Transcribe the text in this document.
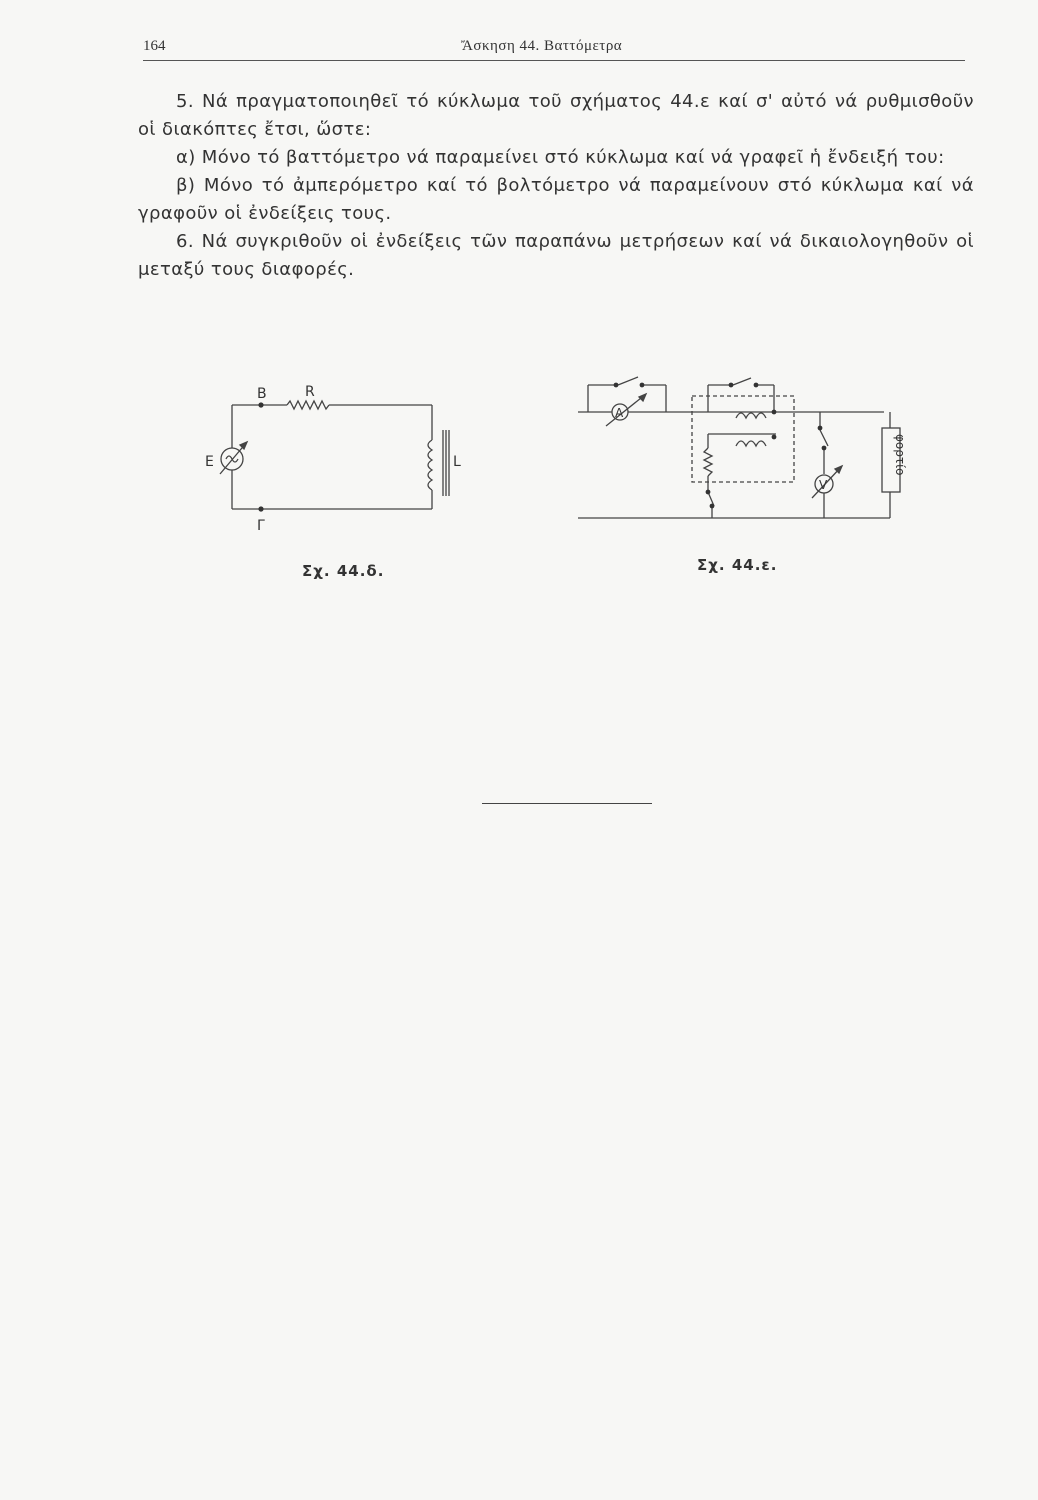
164	Ἄσκηση 44. Βαττόμετρα

5. Νά πραγματοποιηθεῖ τό κύκλωμα τοῦ σχήματος 44.ε καί σ' αὐτό νά ρυθμισθοῦν οἱ διακόπτες ἔτσι, ὥστε:

α) Μόνο τό βαττόμετρο νά παραμείνει στό κύκλωμα καί νά γραφεῖ ἡ ἔνδειξή του:

β) Μόνο τό ἀμπερόμετρο καί τό βολτόμετρο νά παραμείνουν στό κύκλωμα καί νά γραφοῦν οἱ ἐνδείξεις τους.

6. Νά συγκριθοῦν οἱ ἐνδείξεις τῶν παραπάνω μετρήσεων καί νά δικαιολογηθοῦν οἱ μεταξύ τους διαφορές.

Β	R
E	L
Γ
Σχ. 44.δ.
A
V
φορτίο
Σχ. 44.ε.
